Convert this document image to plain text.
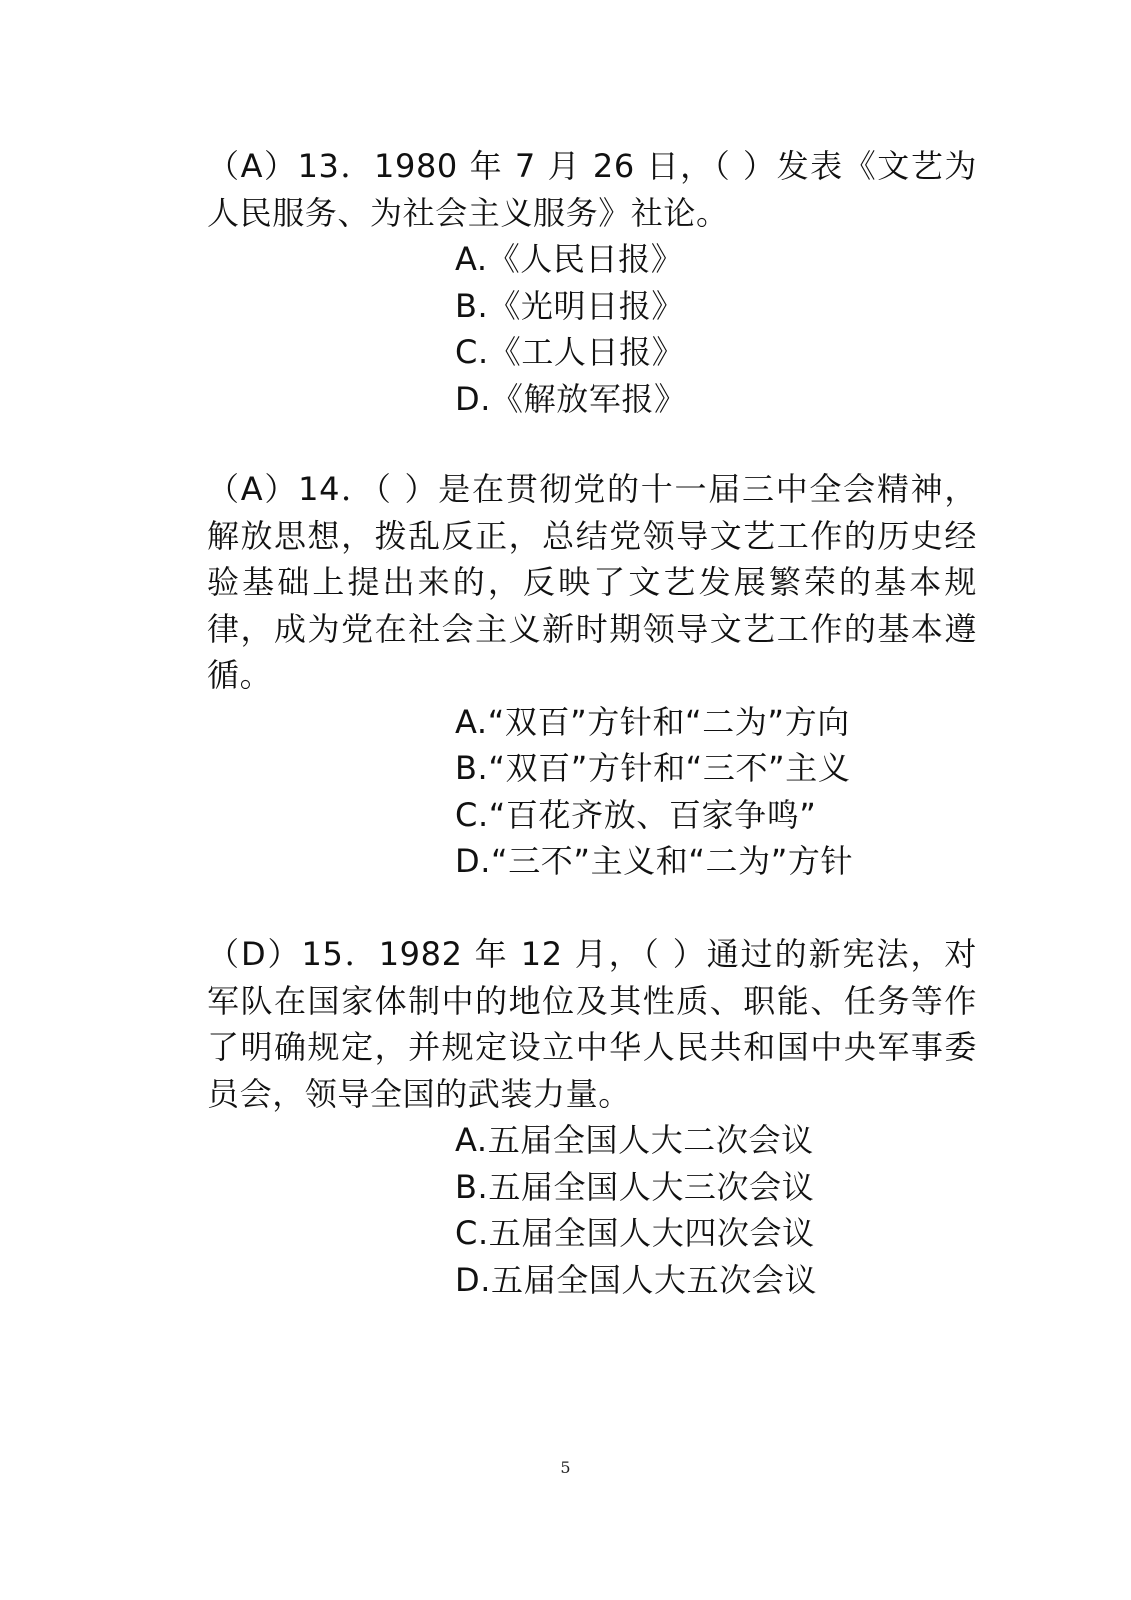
（A）13．1980 年 7 月 26 日，（ ）发表《文艺为人民服务、为社会主义服务》社论。

A.《人民日报》
B.《光明日报》
C.《工人日报》
D.《解放军报》

（A）14．（ ）是在贯彻党的十一届三中全会精神，解放思想，拨乱反正，总结党领导文艺工作的历史经验基础上提出来的，反映了文艺发展繁荣的基本规律，成为党在社会主义新时期领导文艺工作的基本遵循。

A.“双百”方针和“二为”方向
B.“双百”方针和“三不”主义
C.“百花齐放、百家争鸣”
D.“三不”主义和“二为”方针

（D）15．1982 年 12 月，（ ）通过的新宪法，对军队在国家体制中的地位及其性质、职能、任务等作了明确规定，并规定设立中华人民共和国中央军事委员会，领导全国的武装力量。

A.五届全国人大二次会议
B.五届全国人大三次会议
C.五届全国人大四次会议
D.五届全国人大五次会议
5
